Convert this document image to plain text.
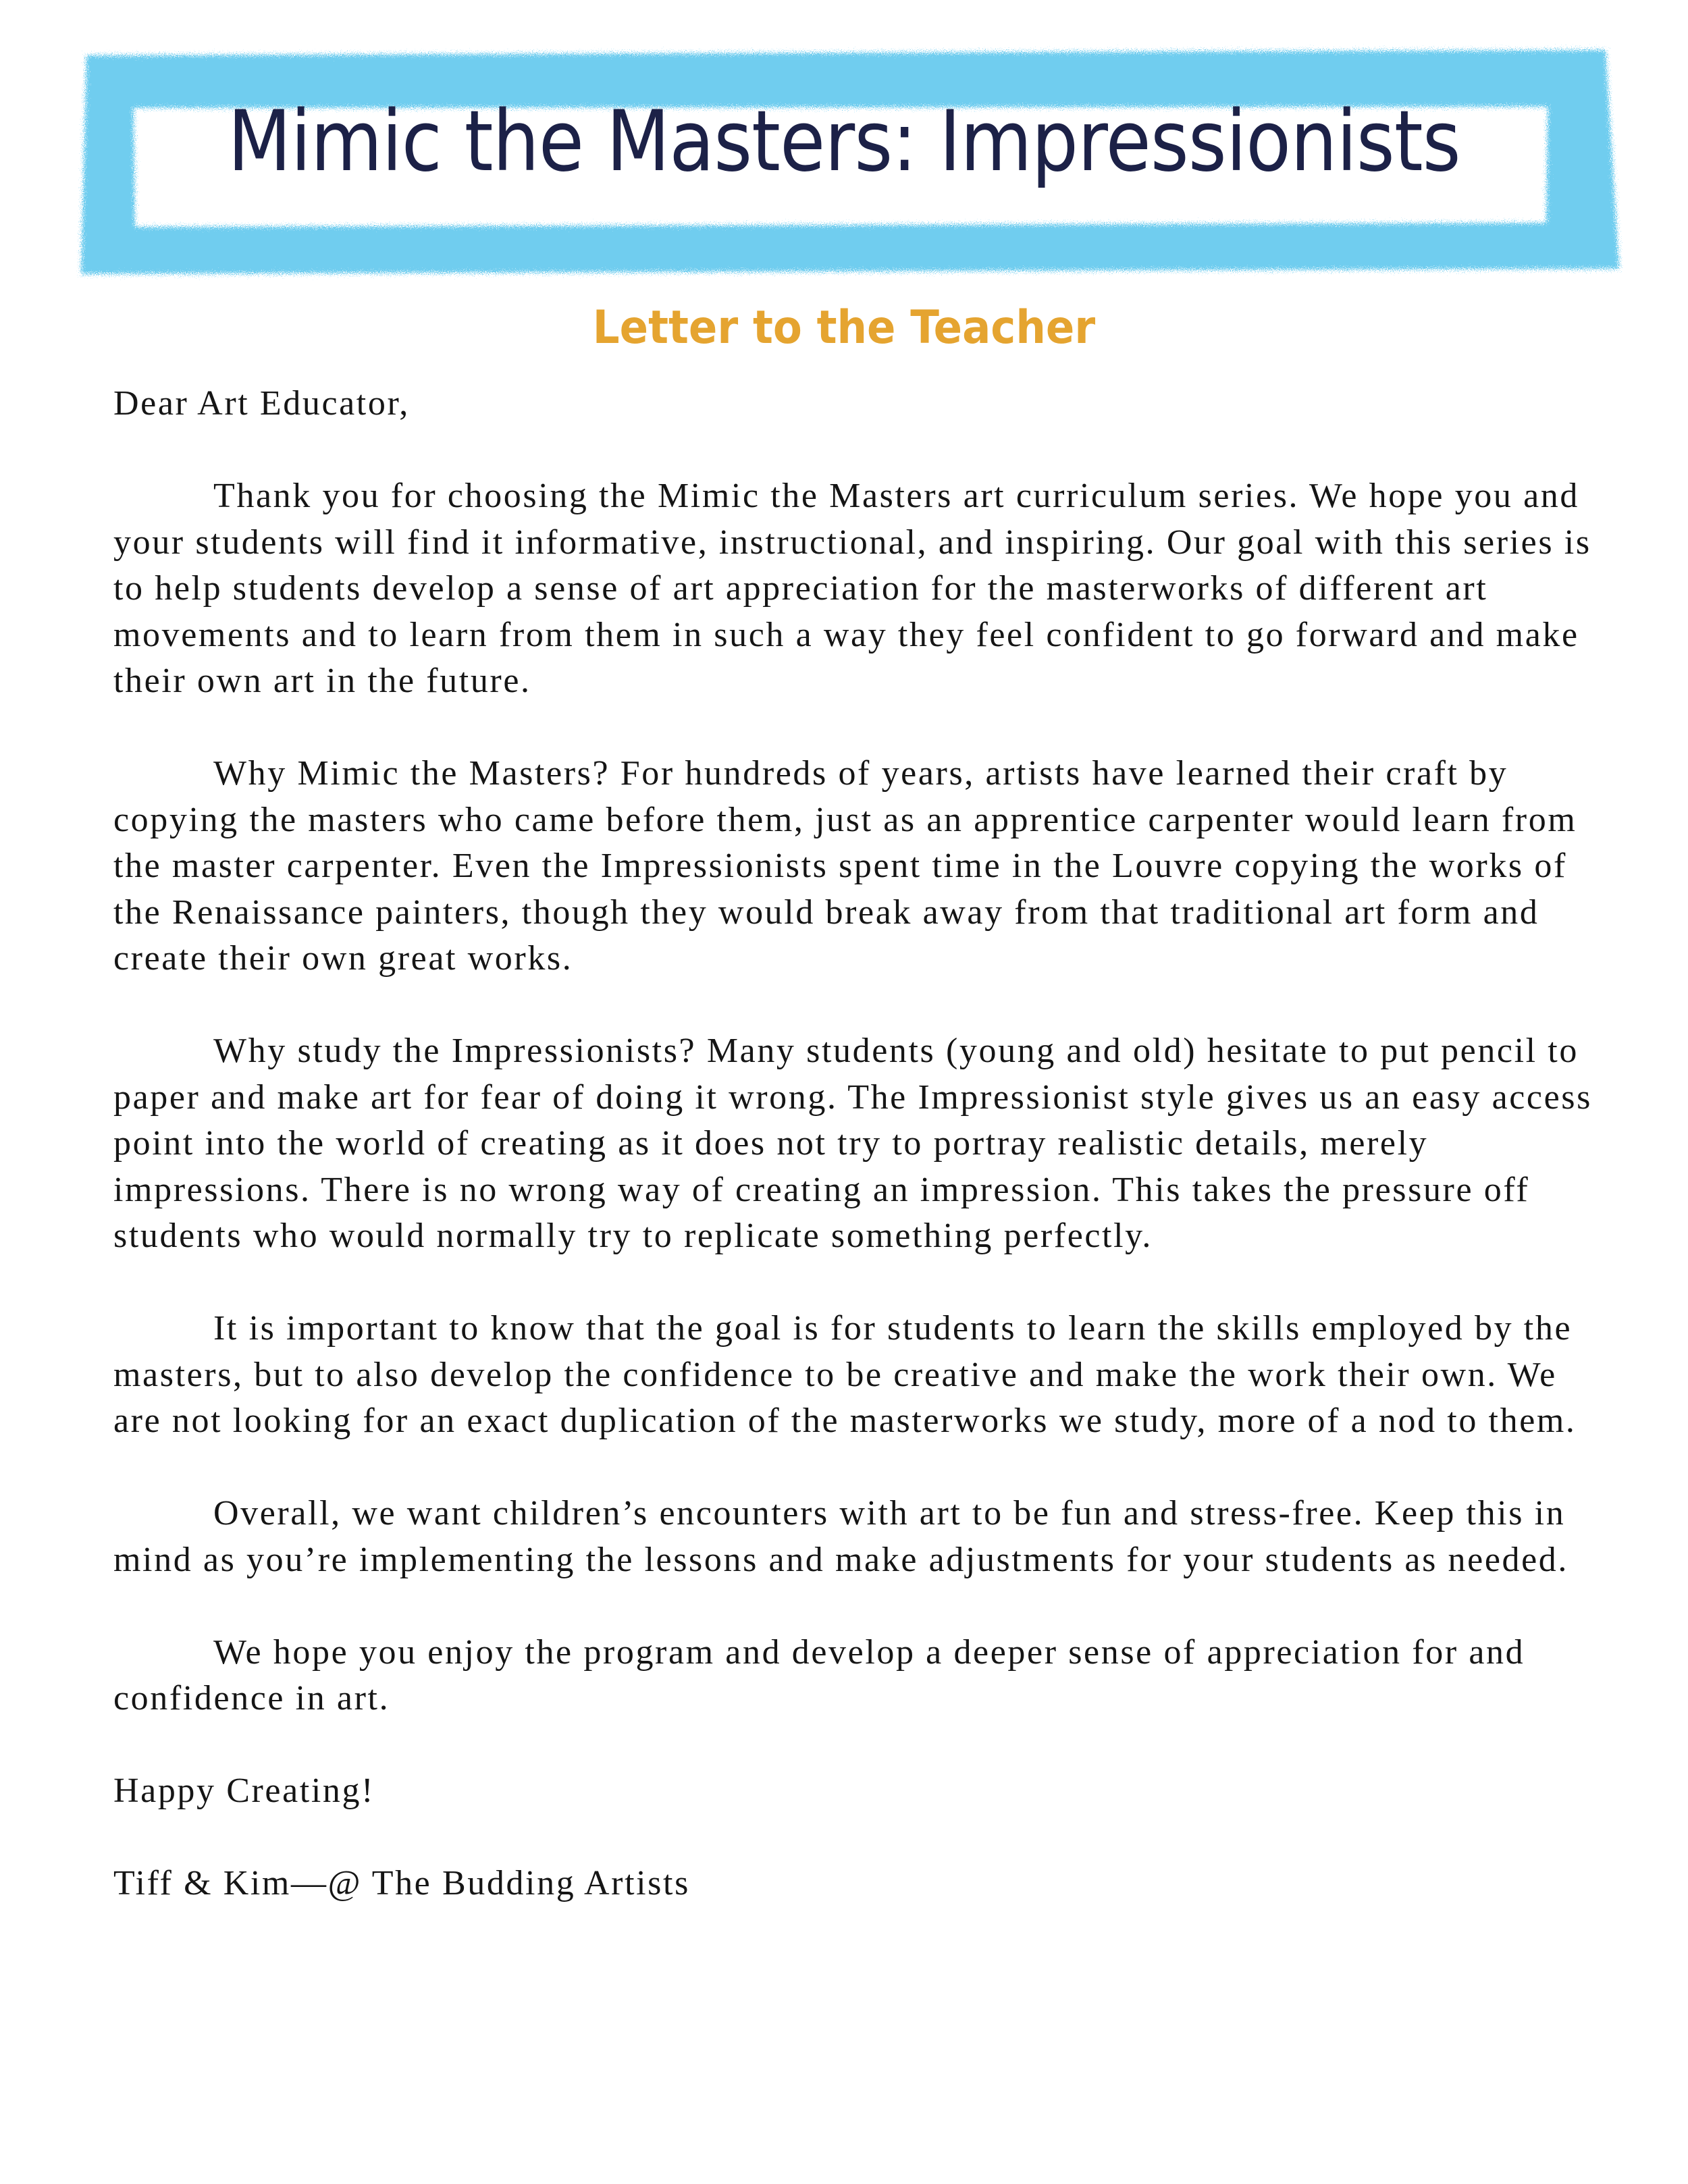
Mimic the Masters: Impressionists
Letter to the Teacher

Dear Art Educator,

Thank you for choosing the Mimic the Masters art curriculum series. We hope you and your students will find it informative, instructional, and inspiring. Our goal with this series is to help students develop a sense of art appreciation for the masterworks of different art movements and to learn from them in such a way they feel confident to go forward and make their own art in the future.

Why Mimic the Masters? For hundreds of years, artists have learned their craft by copying the masters who came before them, just as an apprentice carpenter would learn from the master carpenter. Even the Impressionists spent time in the Louvre copying the works of the Renaissance painters, though they would break away from that traditional art form and create their own great works.

Why study the Impressionists? Many students (young and old) hesitate to put pencil to paper and make art for fear of doing it wrong. The Impressionist style gives us an easy access point into the world of creating as it does not try to portray realistic details, merely impressions. There is no wrong way of creating an impression. This takes the pressure off students who would normally try to replicate something perfectly.

It is important to know that the goal is for students to learn the skills employed by the masters, but to also develop the confidence to be creative and make the work their own. We are not looking for an exact duplication of the masterworks we study, more of a nod to them.

Overall, we want children’s encounters with art to be fun and stress-free. Keep this in mind as you’re implementing the lessons and make adjustments for your students as needed.

We hope you enjoy the program and develop a deeper sense of appreciation for and confidence in art.

Happy Creating!

Tiff & Kim—@ The Budding Artists
